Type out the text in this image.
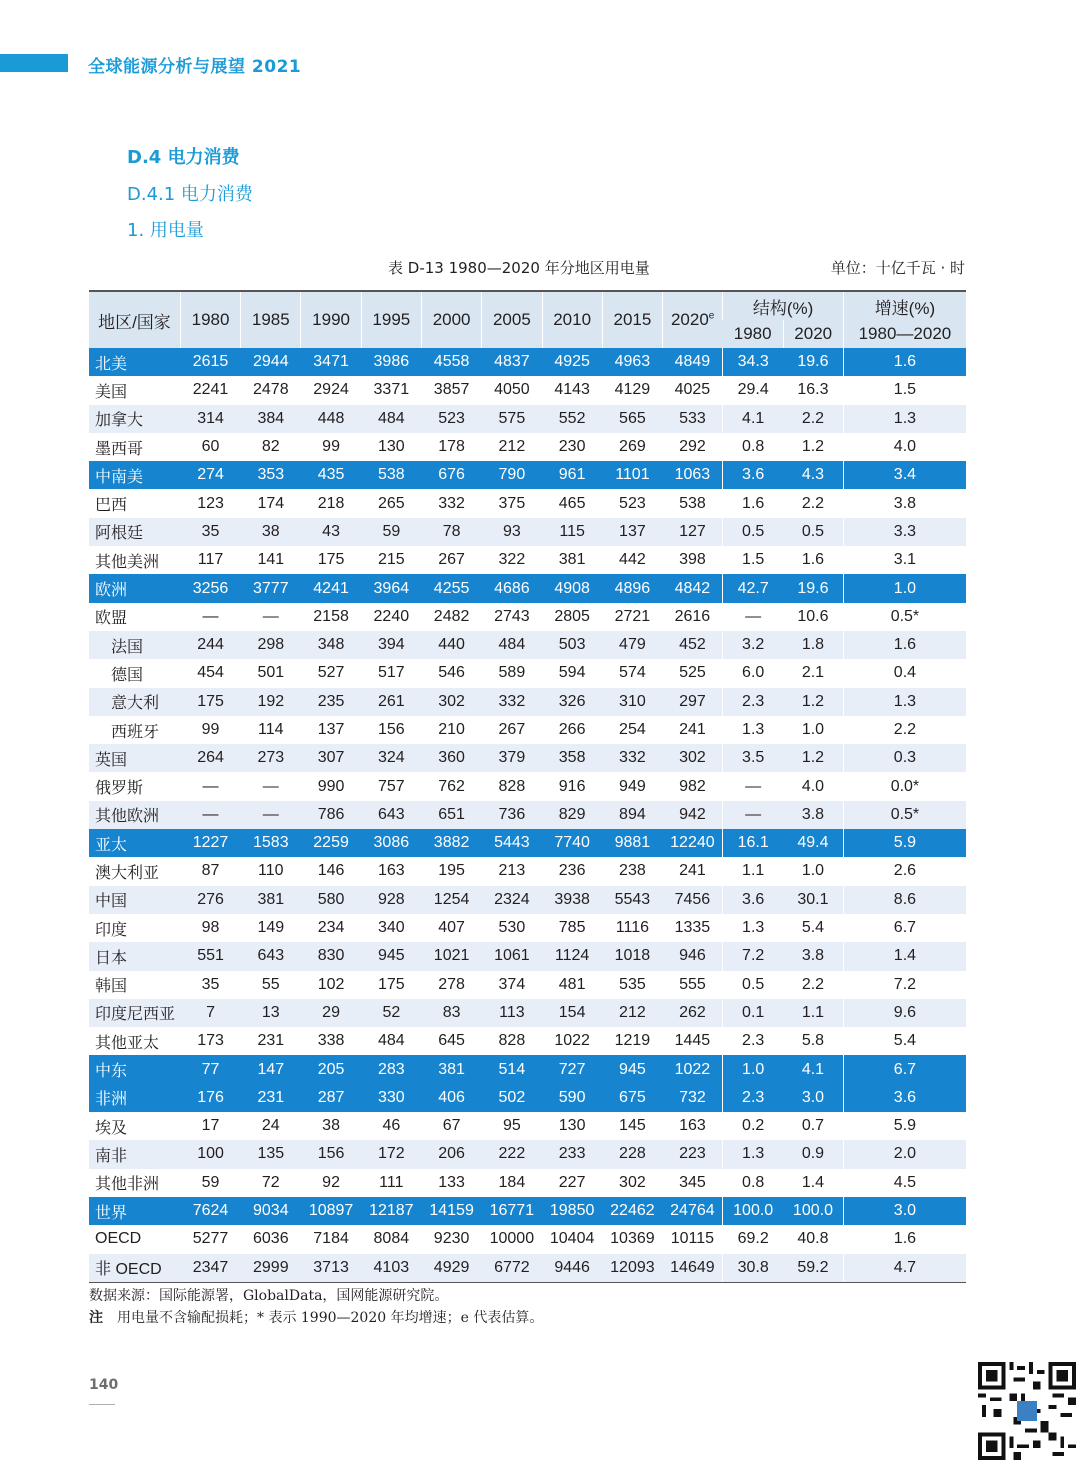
全球能源分析与展望 2021
D.4 电力消费
D.4.1 电力消费
1. 用电量
表 D-13 1980—2020 年分地区用电量	单位：十亿千瓦 · 时
地区/国家	1980	1985	1990	1995	2000	2005	2010	2015	2020e	结构(%)		增速(%)
										1980	2020	1980—2020
北美	2615	2944	3471	3986	4558	4837	4925	4963	4849	34.3	19.6	1.6
美国	2241	2478	2924	3371	3857	4050	4143	4129	4025	29.4	16.3	1.5
加拿大	314	384	448	484	523	575	552	565	533	4.1	2.2	1.3
墨西哥	60	82	99	130	178	212	230	269	292	0.8	1.2	4.0
中南美	274	353	435	538	676	790	961	1101	1063	3.6	4.3	3.4
巴西	123	174	218	265	332	375	465	523	538	1.6	2.2	3.8
阿根廷	35	38	43	59	78	93	115	137	127	0.5	0.5	3.3
其他美洲	117	141	175	215	267	322	381	442	398	1.5	1.6	3.1
欧洲	3256	3777	4241	3964	4255	4686	4908	4896	4842	42.7	19.6	1.0
欧盟	—	—	2158	2240	2482	2743	2805	2721	2616	—	10.6	0.5*
法国	244	298	348	394	440	484	503	479	452	3.2	1.8	1.6
德国	454	501	527	517	546	589	594	574	525	6.0	2.1	0.4
意大利	175	192	235	261	302	332	326	310	297	2.3	1.2	1.3
西班牙	99	114	137	156	210	267	266	254	241	1.3	1.0	2.2
英国	264	273	307	324	360	379	358	332	302	3.5	1.2	0.3
俄罗斯	—	—	990	757	762	828	916	949	982	—	4.0	0.0*
其他欧洲	—	—	786	643	651	736	829	894	942	—	3.8	0.5*
亚太	1227	1583	2259	3086	3882	5443	7740	9881	12240	16.1	49.4	5.9
澳大利亚	87	110	146	163	195	213	236	238	241	1.1	1.0	2.6
中国	276	381	580	928	1254	2324	3938	5543	7456	3.6	30.1	8.6
印度	98	149	234	340	407	530	785	1116	1335	1.3	5.4	6.7
日本	551	643	830	945	1021	1061	1124	1018	946	7.2	3.8	1.4
韩国	35	55	102	175	278	374	481	535	555	0.5	2.2	7.2
印度尼西亚	7	13	29	52	83	113	154	212	262	0.1	1.1	9.6
其他亚太	173	231	338	484	645	828	1022	1219	1445	2.3	5.8	5.4
中东	77	147	205	283	381	514	727	945	1022	1.0	4.1	6.7
非洲	176	231	287	330	406	502	590	675	732	2.3	3.0	3.6
埃及	17	24	38	46	67	95	130	145	163	0.2	0.7	5.9
南非	100	135	156	172	206	222	233	228	223	1.3	0.9	2.0
其他非洲	59	72	92	111	133	184	227	302	345	0.8	1.4	4.5
世界	7624	9034	10897	12187	14159	16771	19850	22462	24764	100.0	100.0	3.0
OECD	5277	6036	7184	8084	9230	10000	10404	10369	10115	69.2	40.8	1.6
非 OECD	2347	2999	3713	4103	4929	6772	9446	12093	14649	30.8	59.2	4.7
数据来源：国际能源署，GlobalData，国网能源研究院。
注 用电量不含输配损耗；* 表示 1990—2020 年均增速；e 代表估算。
140
